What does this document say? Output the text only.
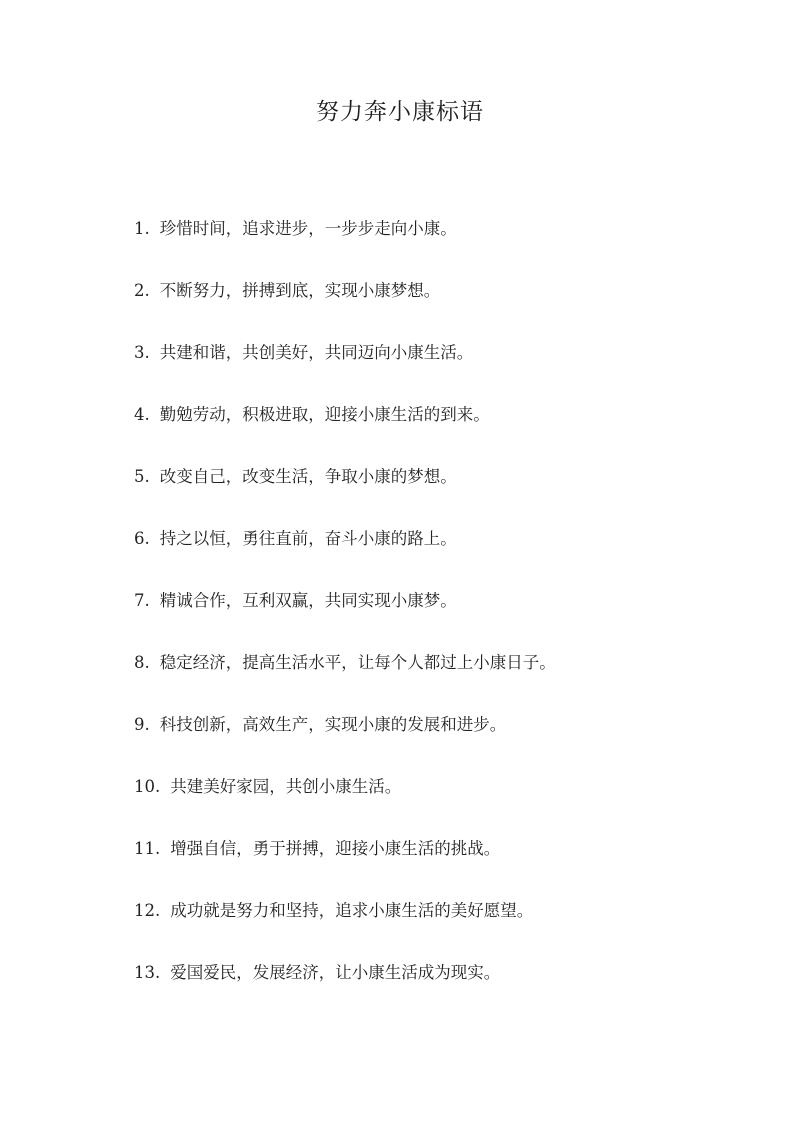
努力奔小康标语
1. 珍惜时间，追求进步，一步步走向小康。
2. 不断努力，拼搏到底，实现小康梦想。
3. 共建和谐，共创美好，共同迈向小康生活。
4. 勤勉劳动，积极进取，迎接小康生活的到来。
5. 改变自己，改变生活，争取小康的梦想。
6. 持之以恒，勇往直前，奋斗小康的路上。
7. 精诚合作，互利双赢，共同实现小康梦。
8. 稳定经济，提高生活水平，让每个人都过上小康日子。
9. 科技创新，高效生产，实现小康的发展和进步。
10. 共建美好家园，共创小康生活。
11. 增强自信，勇于拼搏，迎接小康生活的挑战。
12. 成功就是努力和坚持，追求小康生活的美好愿望。
13. 爱国爱民，发展经济，让小康生活成为现实。
